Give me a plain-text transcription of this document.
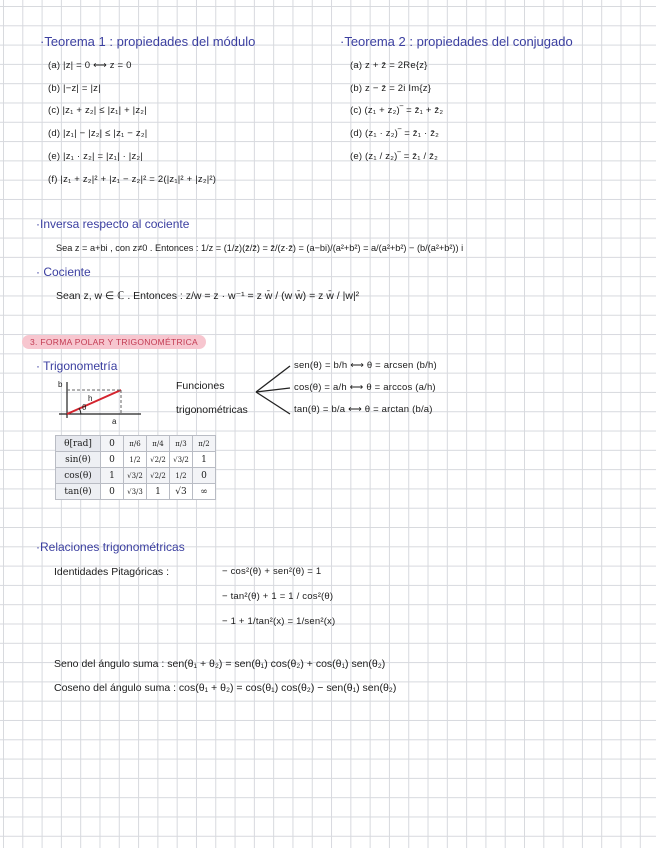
·Teorema 1 : propiedades del módulo
(a) |z| = 0 ⟷ z = 0
(b) |−z| = |z|
(c) |z₁ + z₂| ≤ |z₁| + |z₂|
(d) |z₁| − |z₂| ≤ |z₁ − z₂|
(e) |z₁ · z₂| = |z₁| · |z₂|
(f) |z₁ + z₂|² + |z₁ − z₂|² = 2(|z₁|² + |z₂|²)
·Teorema 2 : propiedades del conjugado
(a) z + z̄ = 2Re{z}
(b) z − z̄ = 2i Im{z}
(c) (z₁ + z₂)‾ = z̄₁ + z̄₂
(d) (z₁ · z₂)‾ = z̄₁ · z̄₂
(e) (z₁ / z₂)‾ = z̄₁ / z̄₂
·Inversa respecto al cociente
Sea z = a+bi , con z≠0 . Entonces : 1/z = (1/z)(z̄/z̄) = z̄/(z·z̄) = (a−bi)/(a²+b²) = a/(a²+b²) − (b/(a²+b²)) i
· Cociente
Sean z, w ∈ ℂ . Entonces : z/w = z · w⁻¹ = z w̄ / (w w̄) = z w̄ / |w|²
3. FORMA POLAR Y TRIGONOMÉTRICA
· Trigonometría
b
h
θ
a
Funciones
trigonométricas
sen(θ) = b/h ⟷ θ = arcsen (b/h)
cos(θ) = a/h ⟷ θ = arccos (a/h)
tan(θ) = b/a ⟷ θ = arctan (b/a)
θ[rad]	0	π/6	π/4	π/3	π/2
sin(θ)	0	1/2	√2/2	√3/2	1
cos(θ)	1	√3/2	√2/2	1/2	0
tan(θ)	0	√3/3	1	√3	∞
·Relaciones trigonométricas
Identidades Pitagóricas :	− cos²(θ) + sen²(θ) = 1
− tan²(θ) + 1 = 1 / cos²(θ)
− 1 + 1/tan²(x) = 1/sen²(x)
Seno del ángulo suma : sen(θ₁ + θ₂) = sen(θ₁) cos(θ₂) + cos(θ₁) sen(θ₂)
Coseno del ángulo suma : cos(θ₁ + θ₂) = cos(θ₁) cos(θ₂) − sen(θ₁) sen(θ₂)
